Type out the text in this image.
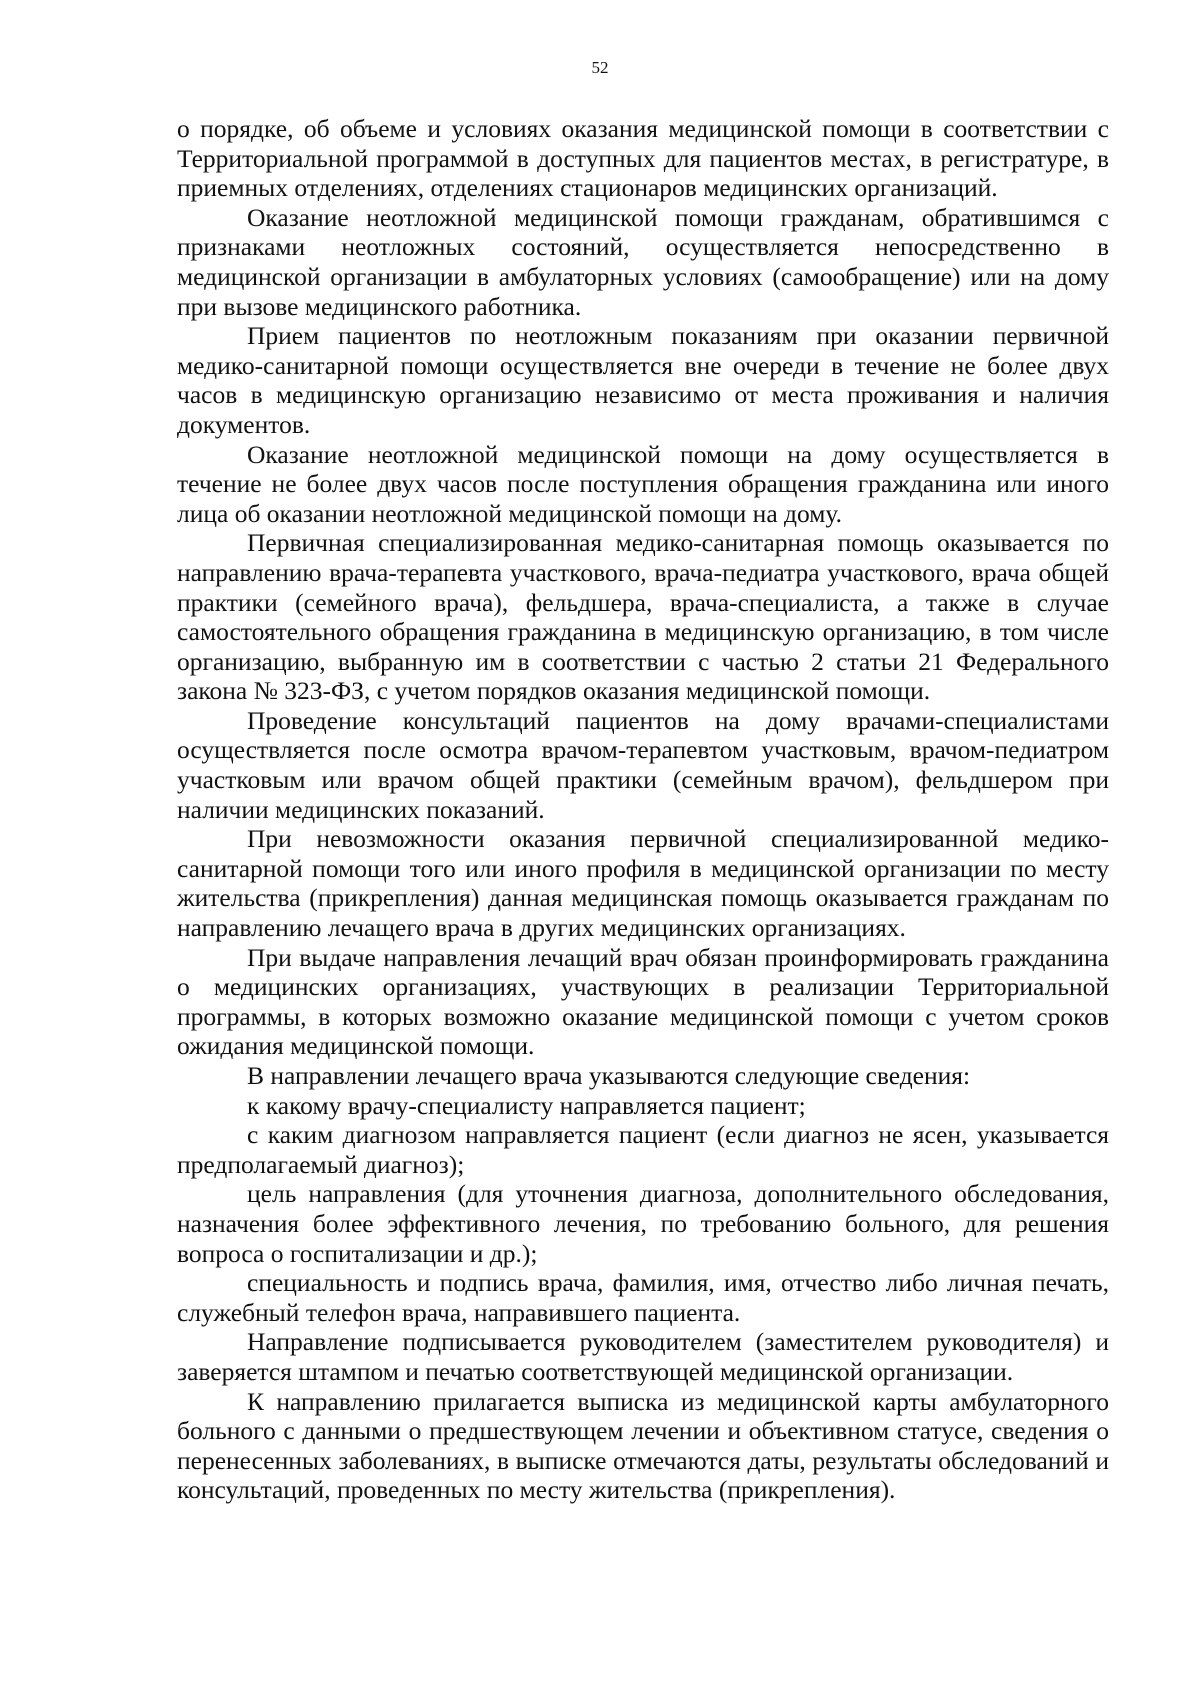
52

о порядке, об объеме и условиях оказания медицинской помощи в соответствии с Территориальной программой в доступных для пациентов местах, в регистратуре, в приемных отделениях, отделениях стационаров медицинских организаций.

Оказание неотложной медицинской помощи гражданам, обратившимся с признаками неотложных состояний, осуществляется непосредственно в медицинской организации в амбулаторных условиях (самообращение) или на дому при вызове медицинского работника.

Прием пациентов по неотложным показаниям при оказании первичной медико-санитарной помощи осуществляется вне очереди в течение не более двух часов в медицинскую организацию независимо от места проживания и наличия документов.

Оказание неотложной медицинской помощи на дому осуществляется в течение не более двух часов после поступления обращения гражданина или иного лица об оказании неотложной медицинской помощи на дому.

Первичная специализированная медико-санитарная помощь оказывается по направлению врача-терапевта участкового, врача-педиатра участкового, врача общей практики (семейного врача), фельдшера, врача-специалиста, а также в случае самостоятельного обращения гражданина в медицинскую организацию, в том числе организацию, выбранную им в соответствии с частью 2 статьи 21 Федерального закона № 323-ФЗ, с учетом порядков оказания медицинской помощи.

Проведение консультаций пациентов на дому врачами-специалистами осуществляется после осмотра врачом-терапевтом участковым, врачом-педиатром участковым или врачом общей практики (семейным врачом), фельдшером при наличии медицинских показаний.

При невозможности оказания первичной специализированной медико-санитарной помощи того или иного профиля в медицинской организации по месту жительства (прикрепления) данная медицинская помощь оказывается гражданам по направлению лечащего врача в других медицинских организациях.

При выдаче направления лечащий врач обязан проинформировать гражданина о медицинских организациях, участвующих в реализации Территориальной программы, в которых возможно оказание медицинской помощи с учетом сроков ожидания медицинской помощи.

В направлении лечащего врача указываются следующие сведения:

к какому врачу-специалисту направляется пациент;

с каким диагнозом направляется пациент (если диагноз не ясен, указывается предполагаемый диагноз);

цель направления (для уточнения диагноза, дополнительного обследования, назначения более эффективного лечения, по требованию больного, для решения вопроса о госпитализации и др.);

специальность и подпись врача, фамилия, имя, отчество либо личная печать, служебный телефон врача, направившего пациента.

Направление подписывается руководителем (заместителем руководителя) и заверяется штампом и печатью соответствующей медицинской организации.

К направлению прилагается выписка из медицинской карты амбулаторного больного с данными о предшествующем лечении и объективном статусе, сведения о перенесенных заболеваниях, в выписке отмечаются даты, результаты обследований и консультаций, проведенных по месту жительства (прикрепления).
